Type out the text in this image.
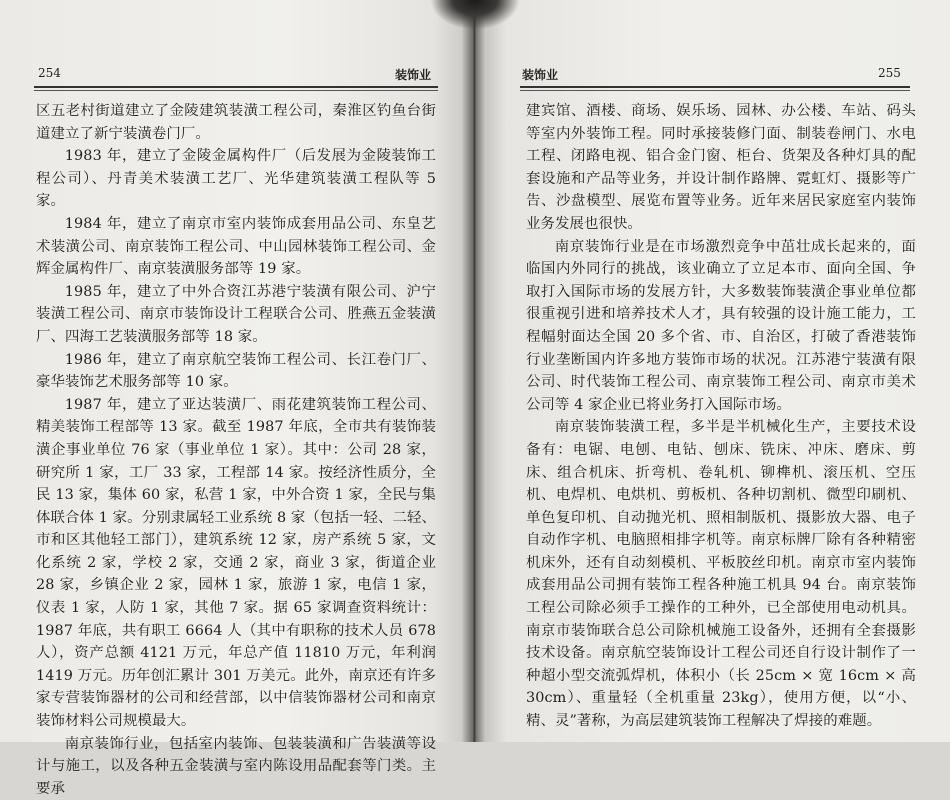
254	装饰业

区五老村街道建立了金陵建筑装潢工程公司，秦淮区钓鱼台街道建立了新宁装潢卷门厂。

1983 年，建立了金陵金属构件厂（后发展为金陵装饰工程公司）、丹青美术装潢工艺厂、光华建筑装潢工程队等 5 家。

1984 年，建立了南京市室内装饰成套用品公司、东皇艺术装潢公司、南京装饰工程公司、中山园林装饰工程公司、金辉金属构件厂、南京装潢服务部等 19 家。

1985 年，建立了中外合资江苏港宁装潢有限公司、沪宁装潢工程公司、南京市装饰设计工程联合公司、胜燕五金装潢厂、四海工艺装潢服务部等 18 家。

1986 年，建立了南京航空装饰工程公司、长江卷门厂、豪华装饰艺术服务部等 10 家。

1987 年，建立了亚达装潢厂、雨花建筑装饰工程公司、精美装饰工程部等 13 家。截至 1987 年底，全市共有装饰装潢企事业单位 76 家（事业单位 1 家）。其中：公司 28 家，研究所 1 家，工厂 33 家，工程部 14 家。按经济性质分，全民 13 家，集体 60 家，私营 1 家，中外合资 1 家，全民与集体联合体 1 家。分别隶属轻工业系统 8 家（包括一轻、二轻、市和区其他轻工部门），建筑系统 12 家，房产系统 5 家，文化系统 2 家，学校 2 家，交通 2 家，商业 3 家，街道企业 28 家，乡镇企业 2 家，园林 1 家，旅游 1 家，电信 1 家，仪表 1 家，人防 1 家，其他 7 家。据 65 家调查资料统计：1987 年底，共有职工 6664 人（其中有职称的技术人员 678 人），资产总额 4121 万元，年总产值 11810 万元，年利润 1419 万元。历年创汇累计 301 万美元。此外，南京还有许多家专营装饰器材的公司和经营部，以中信装饰器材公司和南京装饰材料公司规模最大。

南京装饰行业，包括室内装饰、包装装潢和广告装潢等设计与施工，以及各种五金装潢与室内陈设用品配套等门类。主要承

装饰业	255

建宾馆、酒楼、商场、娱乐场、园林、办公楼、车站、码头等室内外装饰工程。同时承接装修门面、制装卷闸门、水电工程、闭路电视、铝合金门窗、柜台、货架及各种灯具的配套设施和产品等业务，并设计制作路牌、霓虹灯、摄影等广告、沙盘模型、展览布置等业务。近年来居民家庭室内装饰业务发展也很快。

南京装饰行业是在市场激烈竞争中茁壮成长起来的，面临国内外同行的挑战，该业确立了立足本市、面向全国、争取打入国际市场的发展方针，大多数装饰装潢企事业单位都很重视引进和培养技术人才，具有较强的设计施工能力，工程幅射面达全国 20 多个省、市、自治区，打破了香港装饰行业垄断国内许多地方装饰市场的状况。江苏港宁装潢有限公司、时代装饰工程公司、南京装饰工程公司、南京市美术公司等 4 家企业已将业务打入国际市场。

南京装饰装潢工程，多半是半机械化生产，主要技术设备有：电锯、电刨、电钻、刨床、铣床、冲床、磨床、剪床、组合机床、折弯机、卷轧机、铆榫机、滚压机、空压机、电焊机、电烘机、剪板机、各种切割机、微型印刷机、单色复印机、自动抛光机、照相制版机、摄影放大器、电子自动作字机、电脑照相排字机等。南京标牌厂除有各种精密机床外，还有自动刻模机、平板胶丝印机。南京市室内装饰成套用品公司拥有装饰工程各种施工机具 94 台。南京装饰工程公司除必须手工操作的工种外，已全部使用电动机具。南京市装饰联合总公司除机械施工设备外，还拥有全套摄影技术设备。南京航空装饰设计工程公司还自行设计制作了一种超小型交流弧焊机，体积小（长 25cm × 宽 16cm × 高 30cm）、重量轻（全机重量 23kg），使用方便，以“小、精、灵”著称，为高层建筑装饰工程解决了焊接的难题。
